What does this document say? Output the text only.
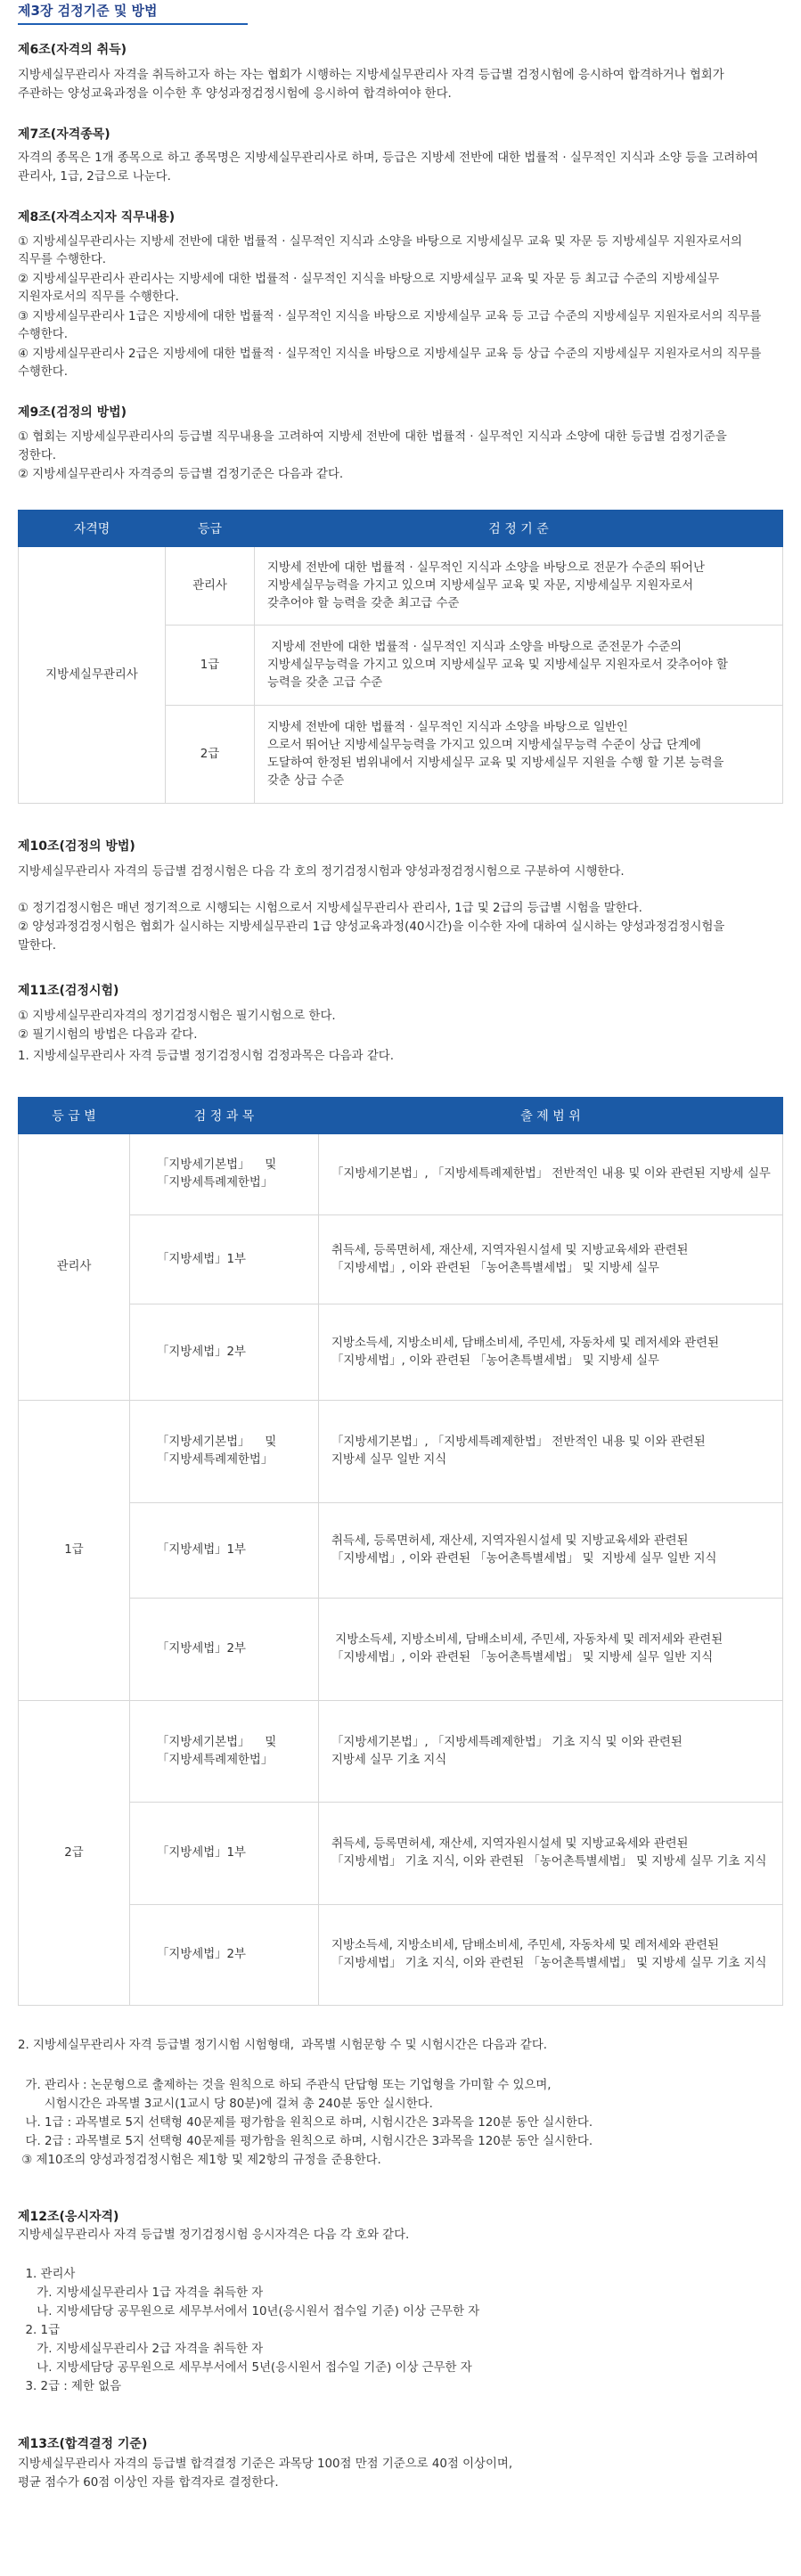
제3장 검정기준 및 방법
제6조(자격의 취득)
지방세실무관리사 자격을 취득하고자 하는 자는 협회가 시행하는 지방세실무관리사 자격 등급별 검정시험에 응시하여 합격하거나 협회가
주관하는 양성교육과정을 이수한 후 양성과정검정시험에 응시하여 합격하여야 한다.
제7조(자격종목)
자격의 종목은 1개 종목으로 하고 종목명은 지방세실무관리사로 하며, 등급은 지방세 전반에 대한 법률적 · 실무적인 지식과 소양 등을 고려하여
관리사, 1급, 2급으로 나눈다.
제8조(자격소지자 직무내용)
① 지방세실무관리사는 지방세 전반에 대한 법률적 · 실무적인 지식과 소양을 바탕으로 지방세실무 교육 및 자문 등 지방세실무 지원자로서의
직무를 수행한다.
② 지방세실무관리사 관리사는 지방세에 대한 법률적 · 실무적인 지식을 바탕으로 지방세실무 교육 및 자문 등 최고급 수준의 지방세실무
지원자로서의 직무를 수행한다.
③ 지방세실무관리사 1급은 지방세에 대한 법률적 · 실무적인 지식을 바탕으로 지방세실무 교육 등 고급 수준의 지방세실무 지원자로서의 직무를
수행한다.
④ 지방세실무관리사 2급은 지방세에 대한 법률적 · 실무적인 지식을 바탕으로 지방세실무 교육 등 상급 수준의 지방세실무 지원자로서의 직무를
수행한다.
제9조(검정의 방법)
① 협회는 지방세실무관리사의 등급별 직무내용을 고려하여 지방세 전반에 대한 법률적 · 실무적인 지식과 소양에 대한 등급별 검정기준을
정한다.
② 지방세실무관리사 자격증의 등급별 검정기준은 다음과 같다.
자격명	등급	검 정 기 준
지방세실무관리사	관리사	지방세 전반에 대한 법률적 · 실무적인 지식과 소양을 바탕으로 전문가 수준의 뛰어난
지방세실무능력을 가지고 있으며 지방세실무 교육 및 자문, 지방세실무 지원자로서
갖추어야 할 능력을 갖춘 최고급 수준
	1급	지방세 전반에 대한 법률적 · 실무적인 지식과 소양을 바탕으로 준전문가 수준의
지방세실무능력을 가지고 있으며 지방세실무 교육 및 지방세실무 지원자로서 갖추어야 할
능력을 갖춘 고급 수준
	2급	지방세 전반에 대한 법률적 · 실무적인 지식과 소양을 바탕으로 일반인
으로서 뛰어난 지방세실무능력을 가지고 있으며 지방세실무능력 수준이 상급 단계에
도달하여 한정된 범위내에서 지방세실무 교육 및 지방세실무 지원을 수행 할 기본 능력을
갖춘 상급 수준
제10조(검정의 방법)
지방세실무관리사 자격의 등급별 검정시험은 다음 각 호의 정기검정시험과 양성과정검정시험으로 구분하여 시행한다.
① 정기검정시험은 매년 정기적으로 시행되는 시험으로서 지방세실무관리사 관리사, 1급 및 2급의 등급별 시험을 말한다.
② 양성과정검정시험은 협회가 실시하는 지방세실무관리 1급 양성교육과정(40시간)을 이수한 자에 대하여 실시하는 양성과정검정시험을
말한다.
제11조(검정시험)
① 지방세실무관리자격의 정기검정시험은 필기시험으로 한다.
② 필기시험의 방법은 다음과 같다.
1. 지방세실무관리사 자격 등급별 정기검정시험 검정과목은 다음과 같다.
등 급 별	검 정 과 목	출 제 범 위
관리사	「지방세기본법」    및
「지방세특례제한법」	「지방세기본법」, 「지방세특례제한법」 전반적인 내용 및 이와 관련된 지방세 실무
	「지방세법」1부	취득세, 등록면허세, 재산세, 지역자원시설세 및 지방교육세와 관련된
「지방세법」, 이와 관련된 「농어촌특별세법」 및 지방세 실무
	「지방세법」2부	지방소득세, 지방소비세, 담배소비세, 주민세, 자동차세 및 레저세와 관련된
「지방세법」, 이와 관련된 「농어촌특별세법」 및 지방세 실무
1급	「지방세기본법」    및
「지방세특례제한법」	「지방세기본법」, 「지방세특례제한법」 전반적인 내용 및 이와 관련된
지방세 실무 일반 지식
	「지방세법」1부	취득세, 등록면허세, 재산세, 지역자원시설세 및 지방교육세와 관련된
「지방세법」, 이와 관련된 「농어촌특별세법」 및  지방세 실무 일반 지식
	「지방세법」2부	지방소득세, 지방소비세, 담배소비세, 주민세, 자동차세 및 레저세와 관련된
「지방세법」, 이와 관련된 「농어촌특별세법」 및 지방세 실무 일반 지식
2급	「지방세기본법」    및
「지방세특례제한법」	「지방세기본법」, 「지방세특례제한법」 기초 지식 및 이와 관련된
지방세 실무 기초 지식
	「지방세법」1부	취득세, 등록면허세, 재산세, 지역자원시설세 및 지방교육세와 관련된
「지방세법」 기초 지식, 이와 관련된 「농어촌특별세법」 및 지방세 실무 기초 지식
	「지방세법」2부	지방소득세, 지방소비세, 담배소비세, 주민세, 자동차세 및 레저세와 관련된
「지방세법」 기초 지식, 이와 관련된 「농어촌특별세법」 및 지방세 실무 기초 지식
2. 지방세실무관리사 자격 등급별 정기시험 시험형태,  과목별 시험문항 수 및 시험시간은 다음과 같다.
가. 관리사 : 논문형으로 출제하는 것을 원칙으로 하되 주관식 단답형 또는 기업형을 가미할 수 있으며,
시험시간은 과목별 3교시(1교시 당 80분)에 걸쳐 총 240분 동안 실시한다.
나. 1급 : 과목별로 5지 선택형 40문제를 평가함을 원칙으로 하며, 시험시간은 3과목을 120분 동안 실시한다.
다. 2급 : 과목별로 5지 선택형 40문제를 평가함을 원칙으로 하며, 시험시간은 3과목을 120분 동안 실시한다.
③ 제10조의 양성과정검정시험은 제1항 및 제2항의 규정을 준용한다.
제12조(응시자격)
지방세실무관리사 자격 등급별 정기검정시험 응시자격은 다음 각 호와 같다.
1. 관리사
가. 지방세실무관리사 1급 자격을 취득한 자
나. 지방세담당 공무원으로 세무부서에서 10년(응시원서 접수일 기준) 이상 근무한 자
2. 1급
가. 지방세실무관리사 2급 자격을 취득한 자
나. 지방세담당 공무원으로 세무부서에서 5년(응시원서 접수일 기준) 이상 근무한 자
3. 2급 : 제한 없음
제13조(합격결정 기준)
지방세실무관리사 자격의 등급별 합격결정 기준은 과목당 100점 만점 기준으로 40점 이상이며,
평균 점수가 60점 이상인 자를 합격자로 결정한다.
